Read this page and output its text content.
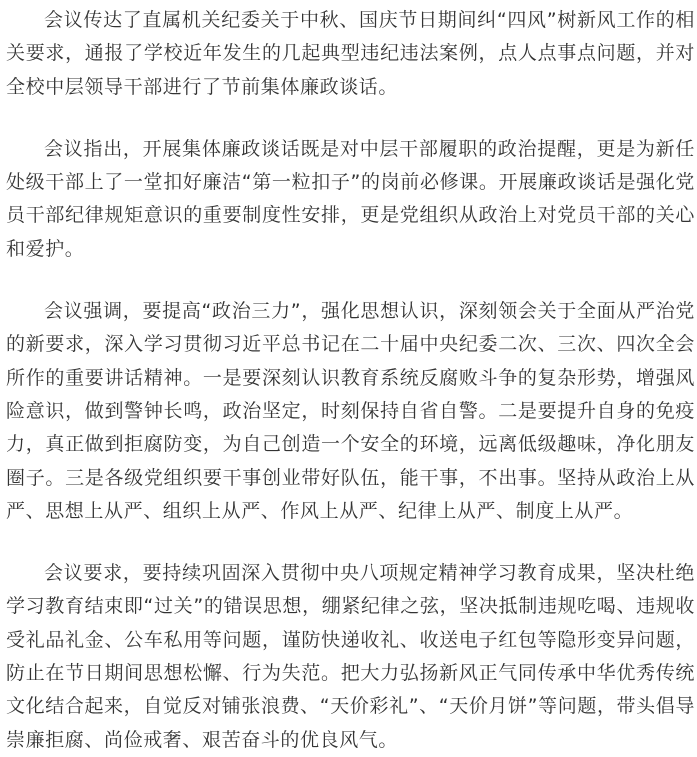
会议传达了直属机关纪委关于中秋、国庆节日期间纠“四风”树新风工作的相关要求，通报了学校近年发生的几起典型违纪违法案例，点人点事点问题，并对全校中层领导干部进行了节前集体廉政谈话。

会议指出，开展集体廉政谈话既是对中层干部履职的政治提醒，更是为新任处级干部上了一堂扣好廉洁“第一粒扣子”的岗前必修课。开展廉政谈话是强化党员干部纪律规矩意识的重要制度性安排，更是党组织从政治上对党员干部的关心和爱护。

会议强调，要提高“政治三力”，强化思想认识，深刻领会关于全面从严治党的新要求，深入学习贯彻习近平总书记在二十届中央纪委二次、三次、四次全会所作的重要讲话精神。一是要深刻认识教育系统反腐败斗争的复杂形势，增强风险意识，做到警钟长鸣，政治坚定，时刻保持自省自警。二是要提升自身的免疫力，真正做到拒腐防变，为自己创造一个安全的环境，远离低级趣味，净化朋友圈子。三是各级党组织要干事创业带好队伍，能干事，不出事。坚持从政治上从严、思想上从严、组织上从严、作风上从严、纪律上从严、制度上从严。

会议要求，要持续巩固深入贯彻中央八项规定精神学习教育成果，坚决杜绝学习教育结束即“过关”的错误思想，绷紧纪律之弦，坚决抵制违规吃喝、违规收受礼品礼金、公车私用等问题，谨防快递收礼、收送电子红包等隐形变异问题，防止在节日期间思想松懈、行为失范。把大力弘扬新风正气同传承中华优秀传统文化结合起来，自觉反对铺张浪费、“天价彩礼”、“天价月饼”等问题，带头倡导崇廉拒腐、尚俭戒奢、艰苦奋斗的优良风气。
